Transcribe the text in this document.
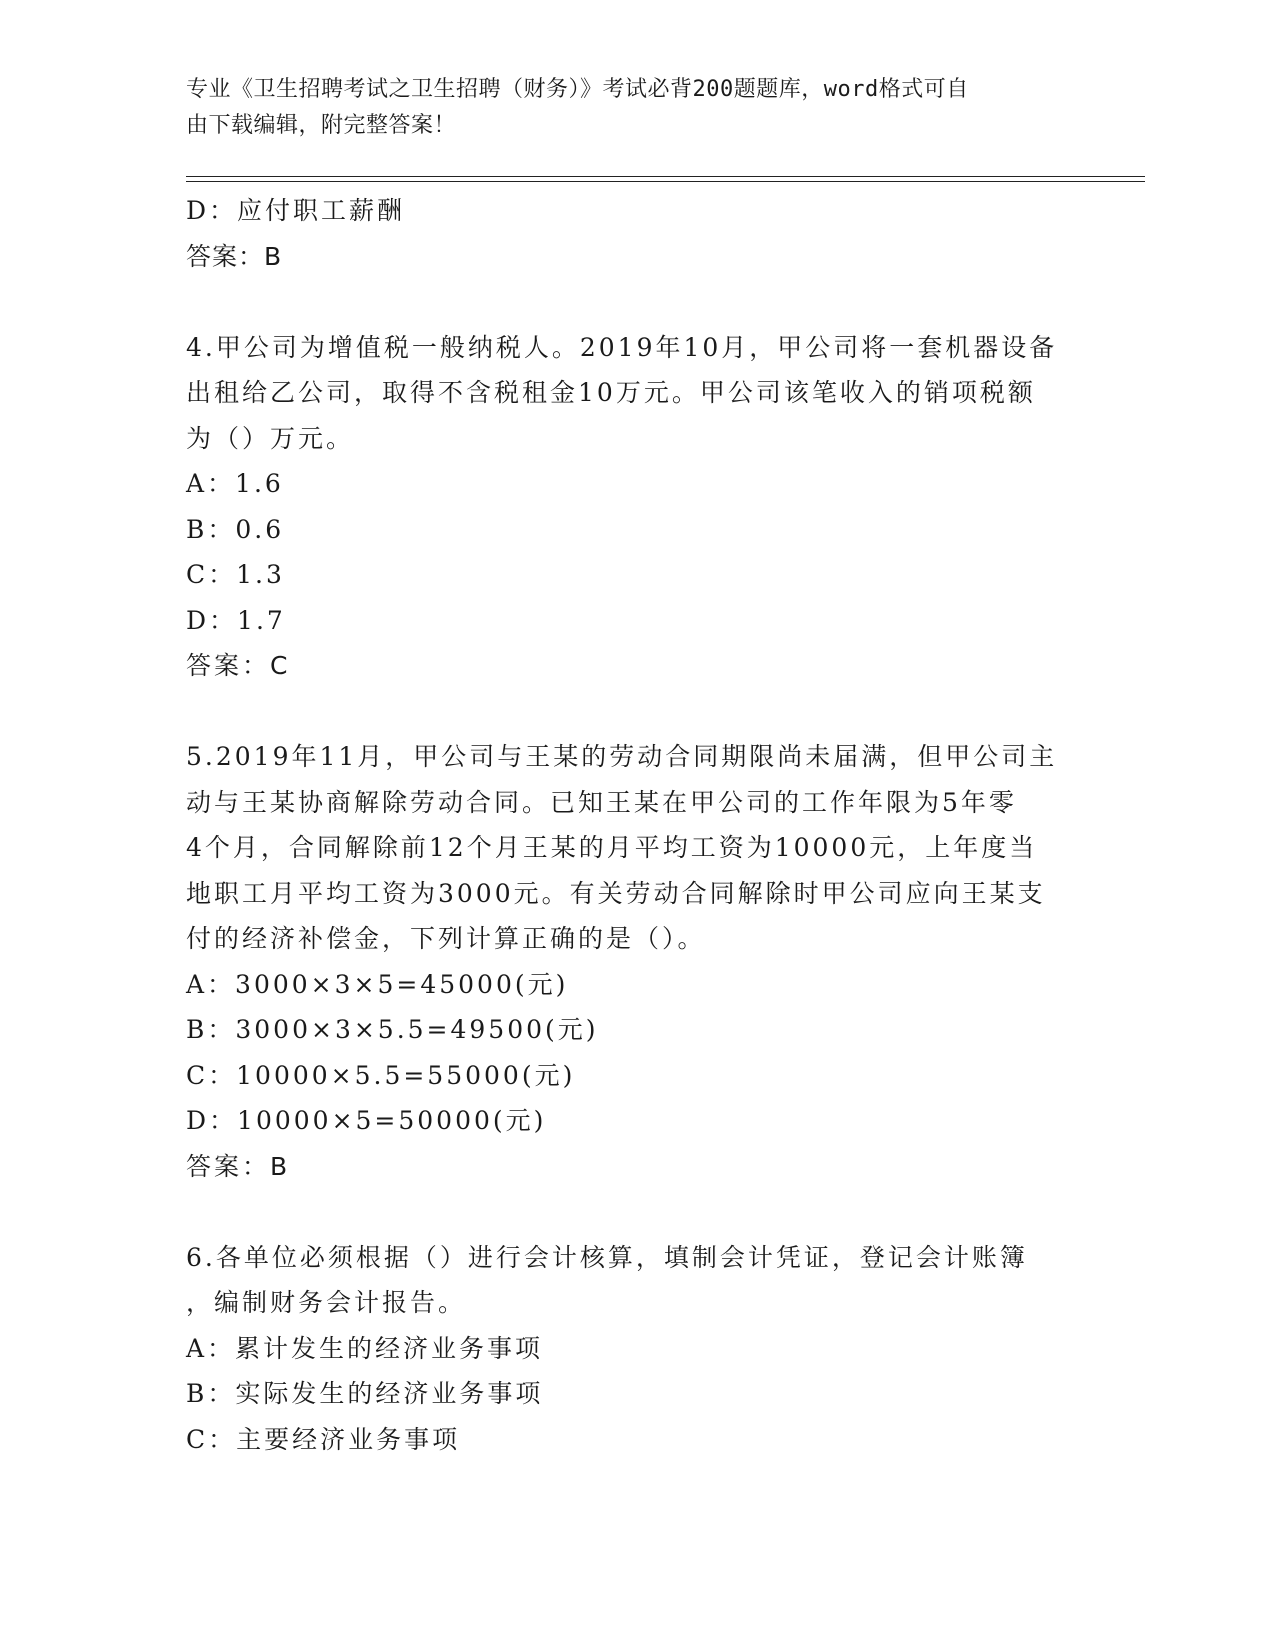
专业《卫生招聘考试之卫生招聘（财务）》考试必背200题题库，word格式可自
由下载编辑，附完整答案！
D：应付职工薪酬
答案：B
4.甲公司为增值税一般纳税人。2019年10月，甲公司将一套机器设备
出租给乙公司，取得不含税租金10万元。甲公司该笔收入的销项税额
为（）万元。
A：1.6
B：0.6
C：1.3
D：1.7
答案：C
5.2019年11月，甲公司与王某的劳动合同期限尚未届满，但甲公司主
动与王某协商解除劳动合同。已知王某在甲公司的工作年限为5年零
4个月，合同解除前12个月王某的月平均工资为10000元，上年度当
地职工月平均工资为3000元。有关劳动合同解除时甲公司应向王某支
付的经济补偿金，下列计算正确的是（）。
A：3000×3×5=45000(元)
B：3000×3×5.5=49500(元)
C：10000×5.5=55000(元)
D：10000×5=50000(元)
答案：B
6.各单位必须根据（）进行会计核算，填制会计凭证，登记会计账簿
，编制财务会计报告。
A：累计发生的经济业务事项
B：实际发生的经济业务事项
C：主要经济业务事项
